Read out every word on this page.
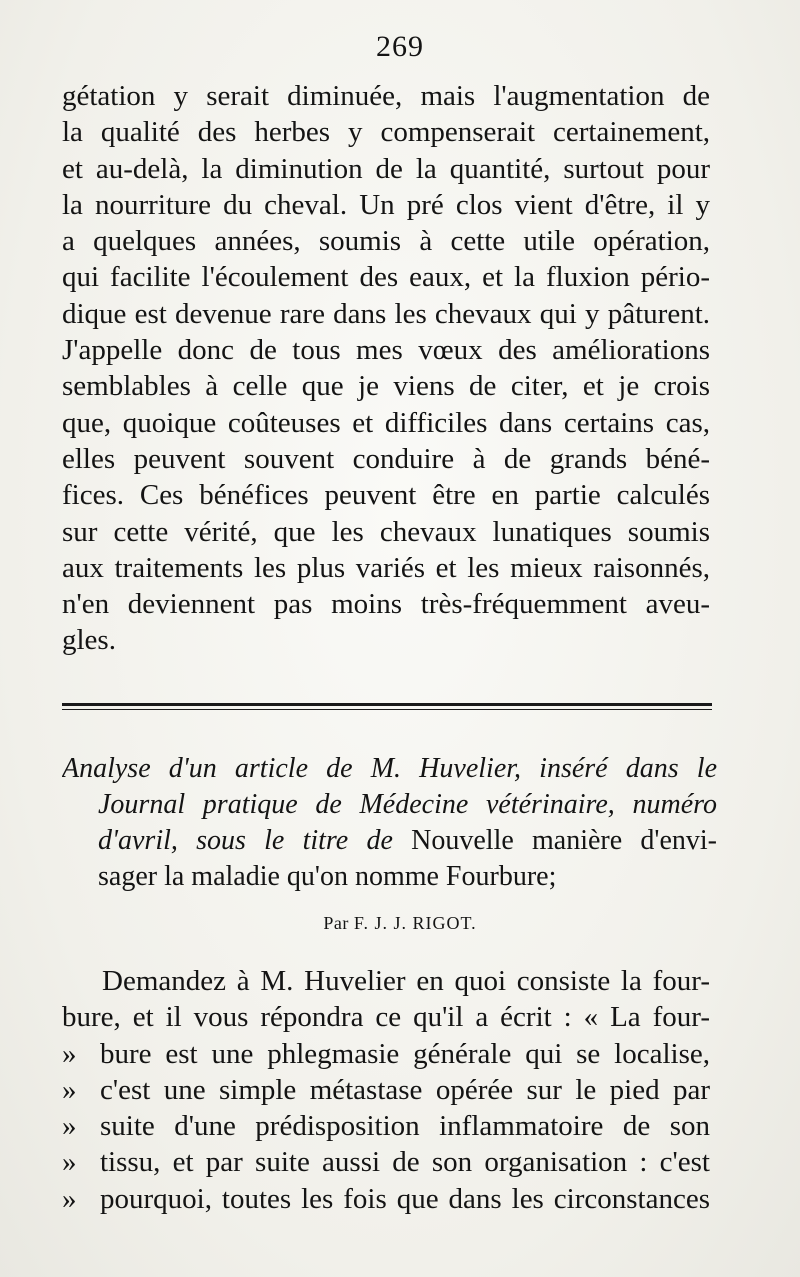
269
gétation y serait diminuée, mais l'augmentation de
la qualité des herbes y compenserait certainement,
et au-delà, la diminution de la quantité, surtout pour
la nourriture du cheval. Un pré clos vient d'être, il y
a quelques années, soumis à cette utile opération,
qui facilite l'écoulement des eaux, et la fluxion pério-
dique est devenue rare dans les chevaux qui y pâturent.
J'appelle donc de tous mes vœux des améliorations
semblables à celle que je viens de citer, et je crois
que, quoique coûteuses et difficiles dans certains cas,
elles peuvent souvent conduire à de grands béné-
fices. Ces bénéfices peuvent être en partie calculés
sur cette vérité, que les chevaux lunatiques soumis
aux traitements les plus variés et les mieux raisonnés,
n'en deviennent pas moins très-fréquemment aveu-
gles.
Analyse d'un article de M. Huvelier, inséré dans le
Journal pratique de Médecine vétérinaire, numéro
d'avril, sous le titre de Nouvelle manière d'envi-
sager la maladie qu'on nomme Fourbure;
Par F. J. J. RIGOT.
Demandez à M. Huvelier en quoi consiste la four-
bure, et il vous répondra ce qu'il a écrit : « La four-
» bure est une phlegmasie générale qui se localise,
» c'est une simple métastase opérée sur le pied par
» suite d'une prédisposition inflammatoire de son
» tissu, et par suite aussi de son organisation : c'est
» pourquoi, toutes les fois que dans les circonstances
